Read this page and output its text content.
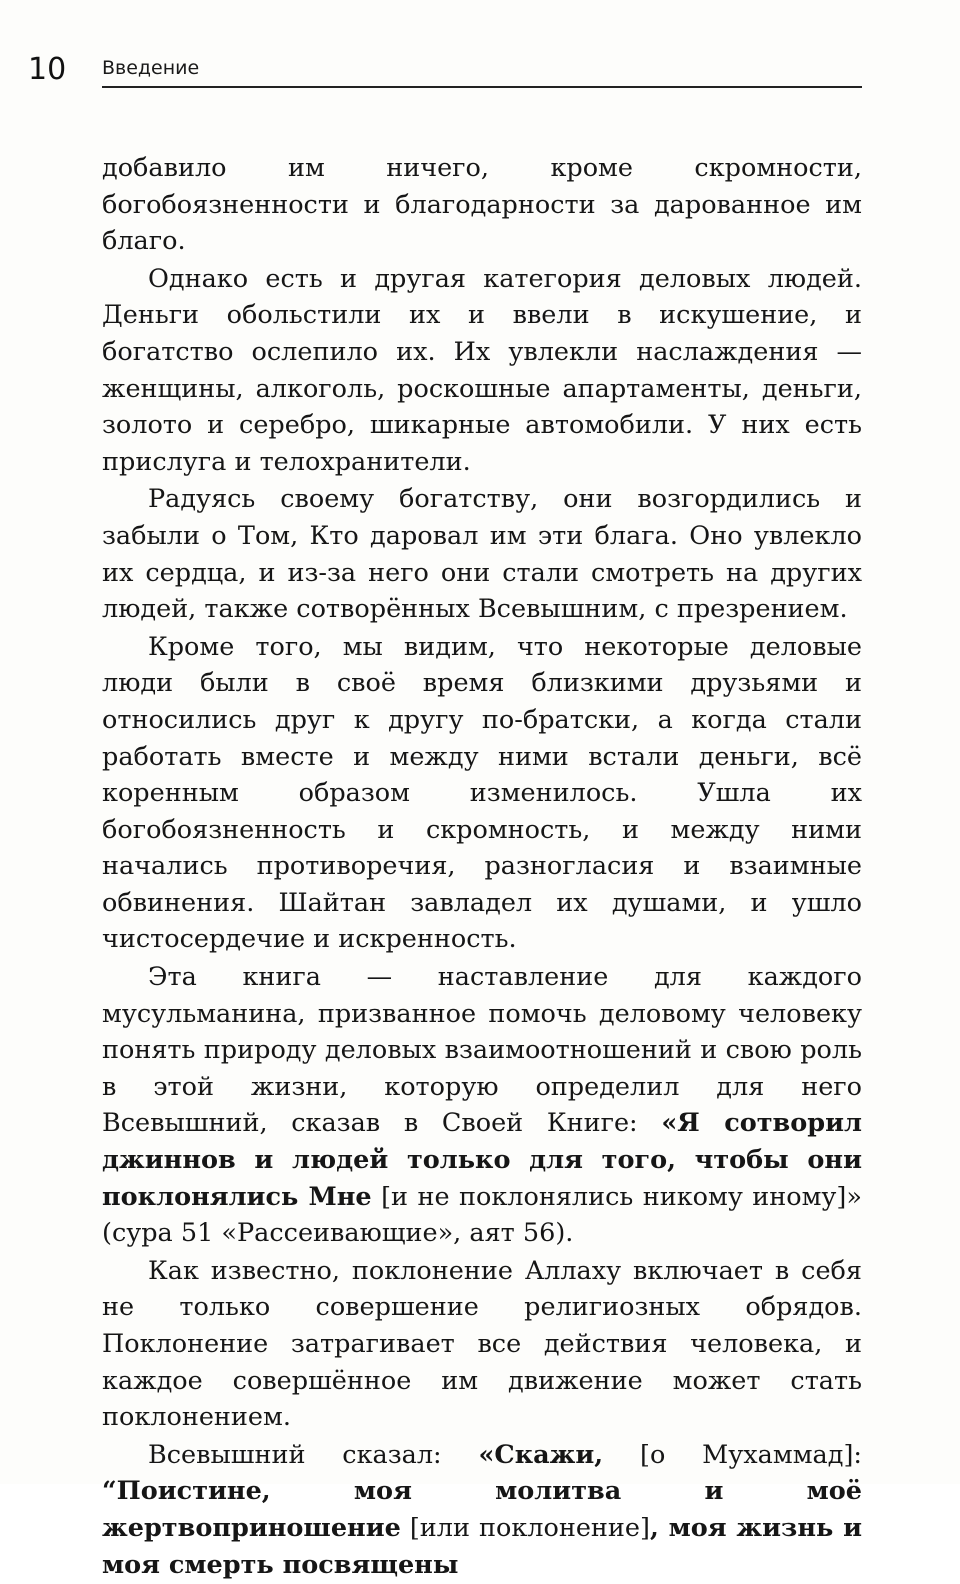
10 Введение

добавило им ничего, кроме скромности, богобоязненности и благодарности за дарованное им благо.

Однако есть и другая категория деловых людей. Деньги обольстили их и ввели в искушение, и богатство ослепило их. Их увлекли наслаждения — женщины, алкоголь, роскошные апартаменты, деньги, золото и серебро, шикарные автомобили. У них есть прислуга и телохранители.

Радуясь своему богатству, они возгордились и забыли о Том, Кто даровал им эти блага. Оно увлекло их сердца, и из-за него они стали смотреть на других людей, также сотворённых Всевышним, с презрением.

Кроме того, мы видим, что некоторые деловые люди были в своё время близкими друзьями и относились друг к другу по-братски, а когда стали работать вместе и между ними встали деньги, всё коренным образом изменилось. Ушла их богобоязненность и скромность, и между ними начались противоречия, разногласия и взаимные обвинения. Шайтан завладел их душами, и ушло чистосердечие и искренность.

Эта книга — наставление для каждого мусульманина, призванное помочь деловому человеку понять природу деловых взаимоотношений и свою роль в этой жизни, которую определил для него Всевышний, сказав в Своей Книге: «Я сотворил джиннов и людей только для того, чтобы они поклонялись Мне [и не поклонялись никому иному]» (сура 51 «Рассеивающие», аят 56).

Как известно, поклонение Аллаху включает в себя не только совершение религиозных обрядов. Поклонение затрагивает все действия человека, и каждое совершённое им движение может стать поклонением.

Всевышний сказал: «Скажи, [о Мухаммад]: “Поистине, моя молитва и моё жертвоприношение [или поклонение], моя жизнь и моя смерть посвящены
